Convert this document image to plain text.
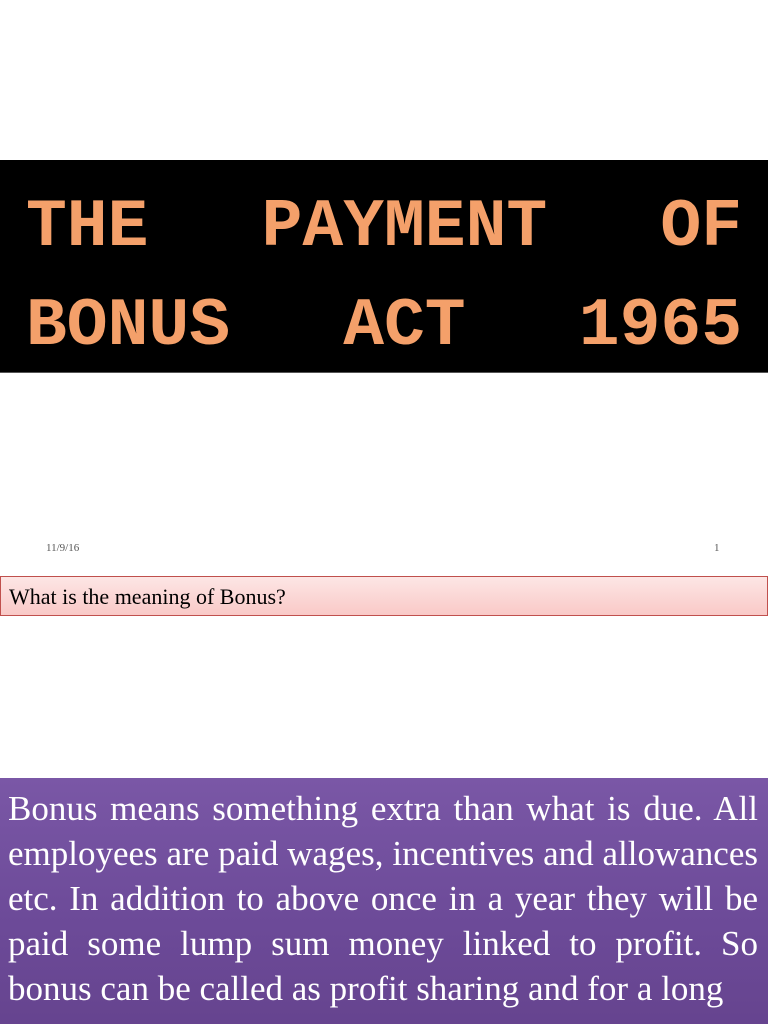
THE PAYMENT OF
BONUS ACT 1965
11/9/16	1
What is the meaning of Bonus?
Bonus means something extra than what is due. All employees are paid wages, incentives and allowances etc. In addition to above once in a year they will be paid some lump sum money linked to profit. So bonus can be called as profit sharing and for a long
